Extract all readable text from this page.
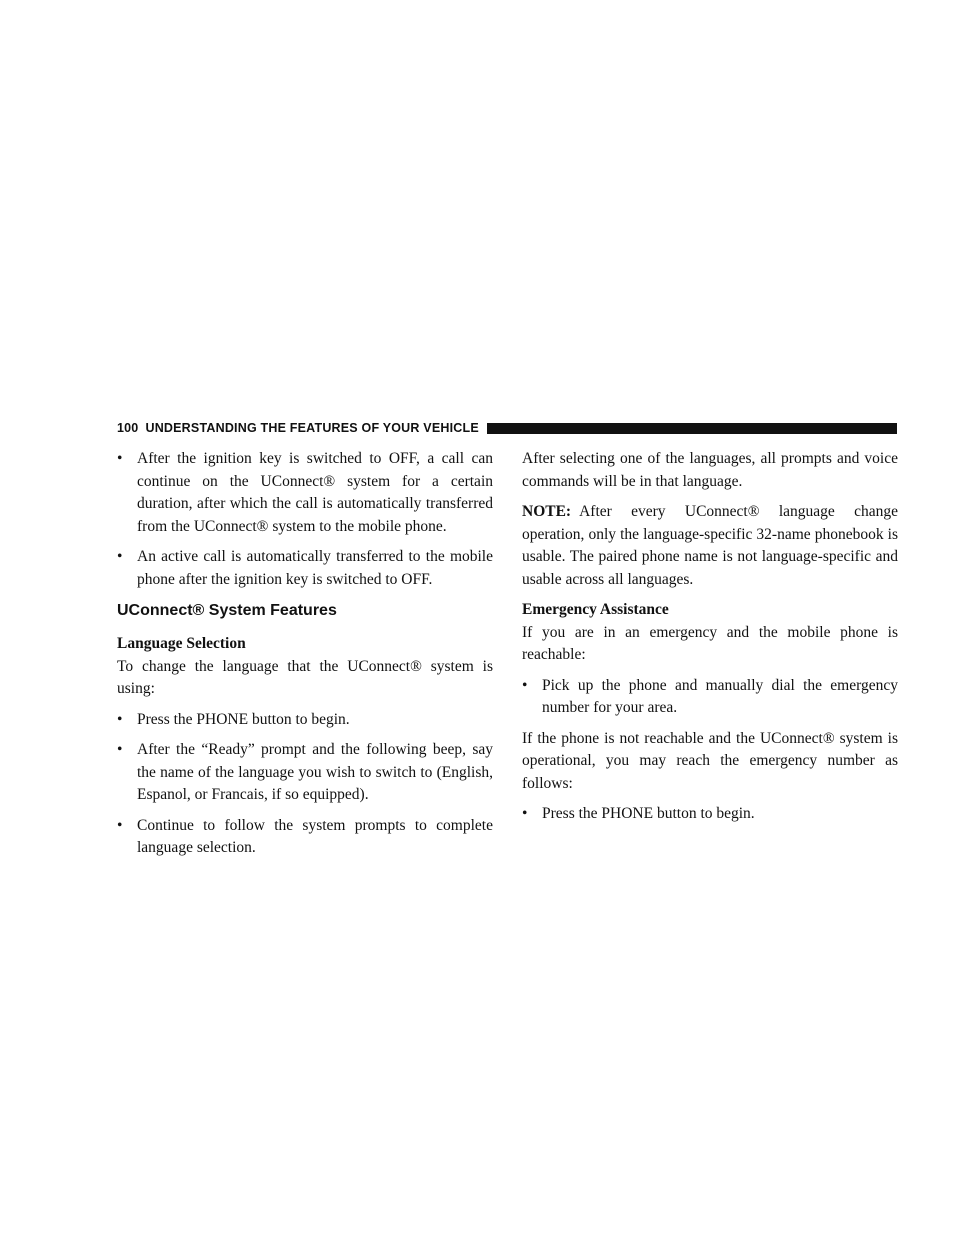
100 UNDERSTANDING THE FEATURES OF YOUR VEHICLE
• After the ignition key is switched to OFF, a call can continue on the UConnect® system for a certain duration, after which the call is automatically transferred from the UConnect® system to the mobile phone.
• An active call is automatically transferred to the mobile phone after the ignition key is switched to OFF.
UConnect® System Features
Language Selection

To change the language that the UConnect® system is using:

• Press the PHONE button to begin.
• After the “Ready” prompt and the following beep, say the name of the language you wish to switch to (English, Espanol, or Francais, if so equipped).
• Continue to follow the system prompts to complete language selection.

After selecting one of the languages, all prompts and voice commands will be in that language.

NOTE: After every UConnect® language change operation, only the language-specific 32-name phonebook is usable. The paired phone name is not language-specific and usable across all languages.

Emergency Assistance

If you are in an emergency and the mobile phone is reachable:

• Pick up the phone and manually dial the emergency number for your area.

If the phone is not reachable and the UConnect® system is operational, you may reach the emergency number as follows:

• Press the PHONE button to begin.
